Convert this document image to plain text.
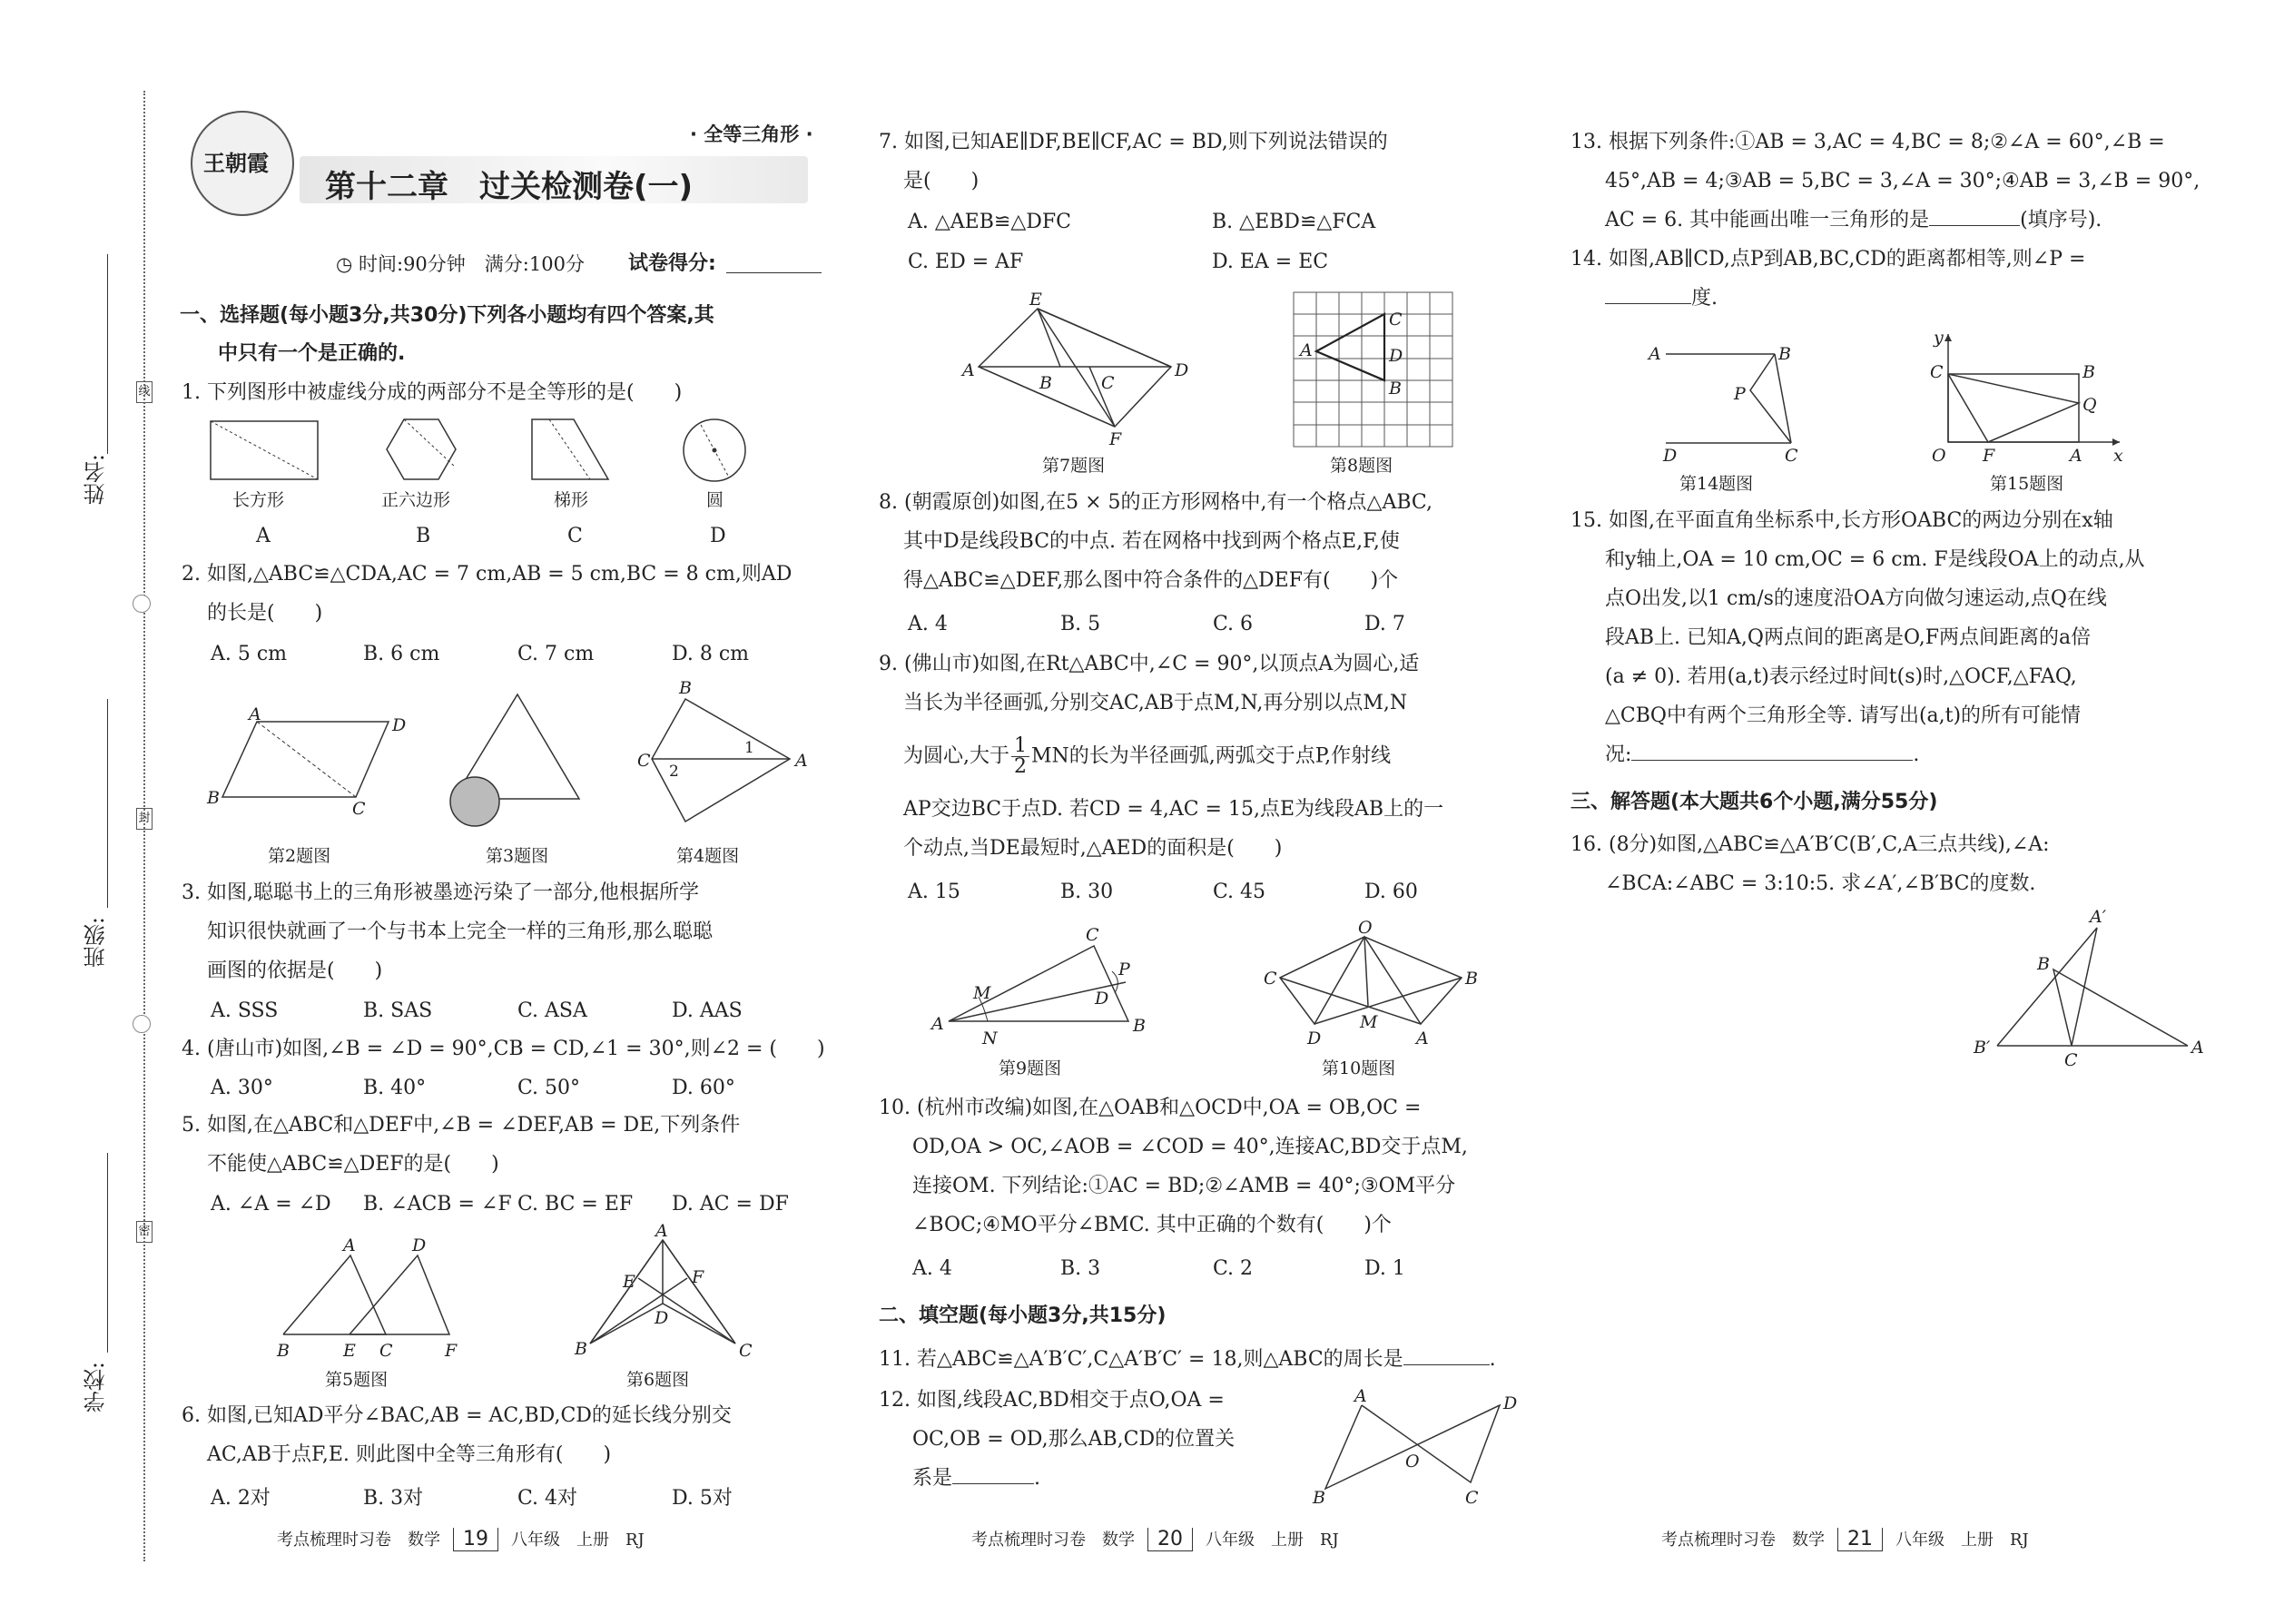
姓名:
线
班级:
封
学校:
密
王朝霞
· 全等三角形 ·
第十二章　过关检测卷(一)
◷ 时间:90分钟　满分:100分 试卷得分:
一、选择题(每小题3分,共30分)下列各小题均有四个答案,其
中只有一个是正确的.
1. 下列图形中被虚线分成的两部分不是全等形的是(　　)
长方形	正六边形	梯形	圆
A	B	C	D
2. 如图,△ABC≌△CDA,AC = 7 cm,AB = 5 cm,BC = 8 cm,则AD
的长是(　　)
A. 5 cm	B. 6 cm	C. 7 cm	D. 8 cm
A
D
B
C
B
C	A
1
2
第2题图	第3题图	第4题图
3. 如图,聪聪书上的三角形被墨迹污染了一部分,他根据所学
知识很快就画了一个与书本上完全一样的三角形,那么聪聪
画图的依据是(　　)
A. SSS	B. SAS	C. ASA	D. AAS
4. (唐山市)如图,∠B = ∠D = 90°,CB = CD,∠1 = 30°,则∠2 = (　　)
A. 30°	B. 40°	C. 50°	D. 60°
5. 如图,在△ABC和△DEF中,∠B = ∠DEF,AB = DE,下列条件
不能使△ABC≌△DEF的是(　　)
A. ∠A = ∠D B. ∠ACB = ∠F C. BC = EF D. AC = DF
A	D
B	E C	F
A
E	F
D
B	C
第5题图	第6题图
6. 如图,已知AD平分∠BAC,AB = AC,BD,CD的延长线分别交
AC,AB于点F,E. 则此图中全等三角形有(　　)
A. 2对	B. 3对	C. 4对	D. 5对
考点梳理时习卷　数学 19 八年级　上册　RJ
7. 如图,已知AE∥DF,BE∥CF,AC = BD,则下列说法错误的
是(　　)
A. △AEB≌△DFC	B. △EBD≌△FCA
C. ED = AF	D. EA = EC
E
A
B	C
D
F
A
C
D
B
第7题图	第8题图
8. (朝霞原创)如图,在5 × 5的正方形网格中,有一个格点△ABC,
其中D是线段BC的中点. 若在网格中找到两个格点E,F,使
得△ABC≌△DEF,那么图中符合条件的△DEF有(　　)个
A. 4	B. 5	C. 6	D. 7
9. (佛山市)如图,在Rt△ABC中,∠C = 90°,以顶点A为圆心,适
当长为半径画弧,分别交AC,AB于点M,N,再分别以点M,N
为圆心,大于 $\frac{1}{2}$ MN的长为半径画弧,两弧交于点P,作射线
AP交边BC于点D. 若CD = 4,AC = 15,点E为线段AB上的一
个动点,当DE最短时,△AED的面积是(　　)
A. 15	B. 30	C. 45	D. 60
C
P
M	D
A
N
B
O
C	B
M
D	A
第9题图	第10题图
10. (杭州市改编)如图,在△OAB和△OCD中,OA = OB,OC =
OD,OA > OC,∠AOB = ∠COD = 40°,连接AC,BD交于点M,
连接OM. 下列结论:①AC = BD;②∠AMB = 40°;③OM平分
∠BOC;④MO平分∠BMC. 其中正确的个数有(　　)个
A. 4	B. 3	C. 2	D. 1
二、填空题(每小题3分,共15分)
11. 若△ABC≌△A′B′C′,C△A′B′C′ = 18,则△ABC的周长是	.
12. 如图,线段AC,BD相交于点O,OA =
OC,OB = OD,那么AB,CD的位置关
系是	.
A	D
O
B	C
考点梳理时习卷　数学 20 八年级　上册　RJ
13. 根据下列条件:①AB = 3,AC = 4,BC = 8;②∠A = 60°,∠B =
45°,AB = 4;③AB = 5,BC = 3,∠A = 30°;④AB = 3,∠B = 90°,
AC = 6. 其中能画出唯一三角形的是	(填序号).
14. 如图,AB∥CD,点P到AB,BC,CD的距离都相等,则∠P =
度.
A	B
P
D	C
y
C	B
Q
O F	A x
第14题图	第15题图
15. 如图,在平面直角坐标系中,长方形OABC的两边分别在x轴
和y轴上,OA = 10 cm,OC = 6 cm. F是线段OA上的动点,从
点O出发,以1 cm/s的速度沿OA方向做匀速运动,点Q在线
段AB上. 已知A,Q两点间的距离是O,F两点间距离的a倍
(a ≠ 0). 若用(a,t)表示经过时间t(s)时,△OCF,△FAQ,
△CBQ中有两个三角形全等. 请写出(a,t)的所有可能情
况:	.
三、解答题(本大题共6个小题,满分55分)
16. (8分)如图,△ABC≌△A′B′C(B′,C,A三点共线),∠A:
∠BCA:∠ABC = 3:10:5. 求∠A′,∠B′BC的度数.
A′
B
B′
C
A
考点梳理时习卷　数学 21 八年级　上册　RJ
